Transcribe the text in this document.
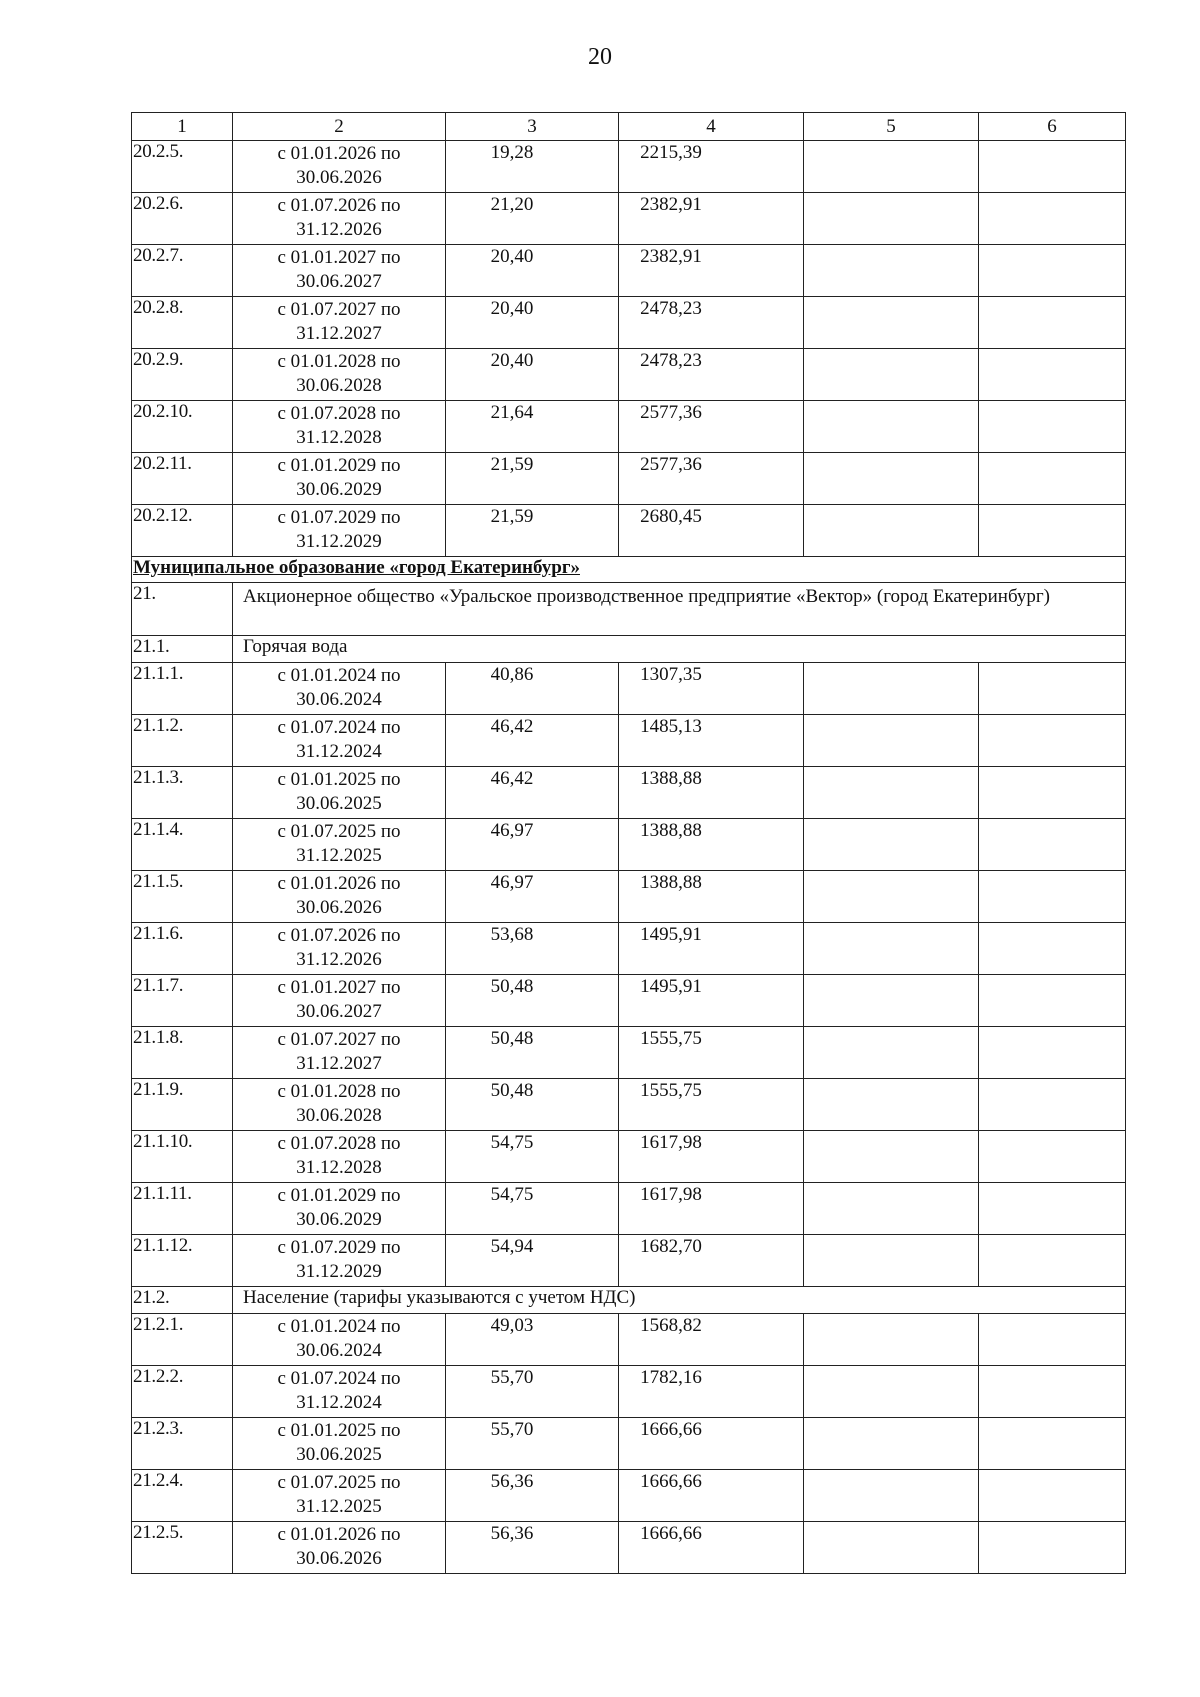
20
1	2	3	4	5	6
20.2.5.	с 01.01.2026 по 30.06.2026	19,28	2215,39		
20.2.6.	с 01.07.2026 по 31.12.2026	21,20	2382,91		
20.2.7.	с 01.01.2027 по 30.06.2027	20,40	2382,91		
20.2.8.	с 01.07.2027 по 31.12.2027	20,40	2478,23		
20.2.9.	с 01.01.2028 по 30.06.2028	20,40	2478,23		
20.2.10.	с 01.07.2028 по 31.12.2028	21,64	2577,36		
20.2.11.	с 01.01.2029 по 30.06.2029	21,59	2577,36		
20.2.12.	с 01.07.2029 по 31.12.2029	21,59	2680,45		
Муниципальное образование «город Екатеринбург»					
21.	Акционерное общество «Уральское производственное предприятие «Вектор» (город Екатеринбург)				
21.1.	Горячая вода				
21.1.1.	с 01.01.2024 по 30.06.2024	40,86	1307,35		
21.1.2.	с 01.07.2024 по 31.12.2024	46,42	1485,13		
21.1.3.	с 01.01.2025 по 30.06.2025	46,42	1388,88		
21.1.4.	с 01.07.2025 по 31.12.2025	46,97	1388,88		
21.1.5.	с 01.01.2026 по 30.06.2026	46,97	1388,88		
21.1.6.	с 01.07.2026 по 31.12.2026	53,68	1495,91		
21.1.7.	с 01.01.2027 по 30.06.2027	50,48	1495,91		
21.1.8.	с 01.07.2027 по 31.12.2027	50,48	1555,75		
21.1.9.	с 01.01.2028 по 30.06.2028	50,48	1555,75		
21.1.10.	с 01.07.2028 по 31.12.2028	54,75	1617,98		
21.1.11.	с 01.01.2029 по 30.06.2029	54,75	1617,98		
21.1.12.	с 01.07.2029 по 31.12.2029	54,94	1682,70		
21.2.	Население (тарифы указываются с учетом НДС)				
21.2.1.	с 01.01.2024 по 30.06.2024	49,03	1568,82		
21.2.2.	с 01.07.2024 по 31.12.2024	55,70	1782,16		
21.2.3.	с 01.01.2025 по 30.06.2025	55,70	1666,66		
21.2.4.	с 01.07.2025 по 31.12.2025	56,36	1666,66		
21.2.5.	с 01.01.2026 по 30.06.2026	56,36	1666,66		
